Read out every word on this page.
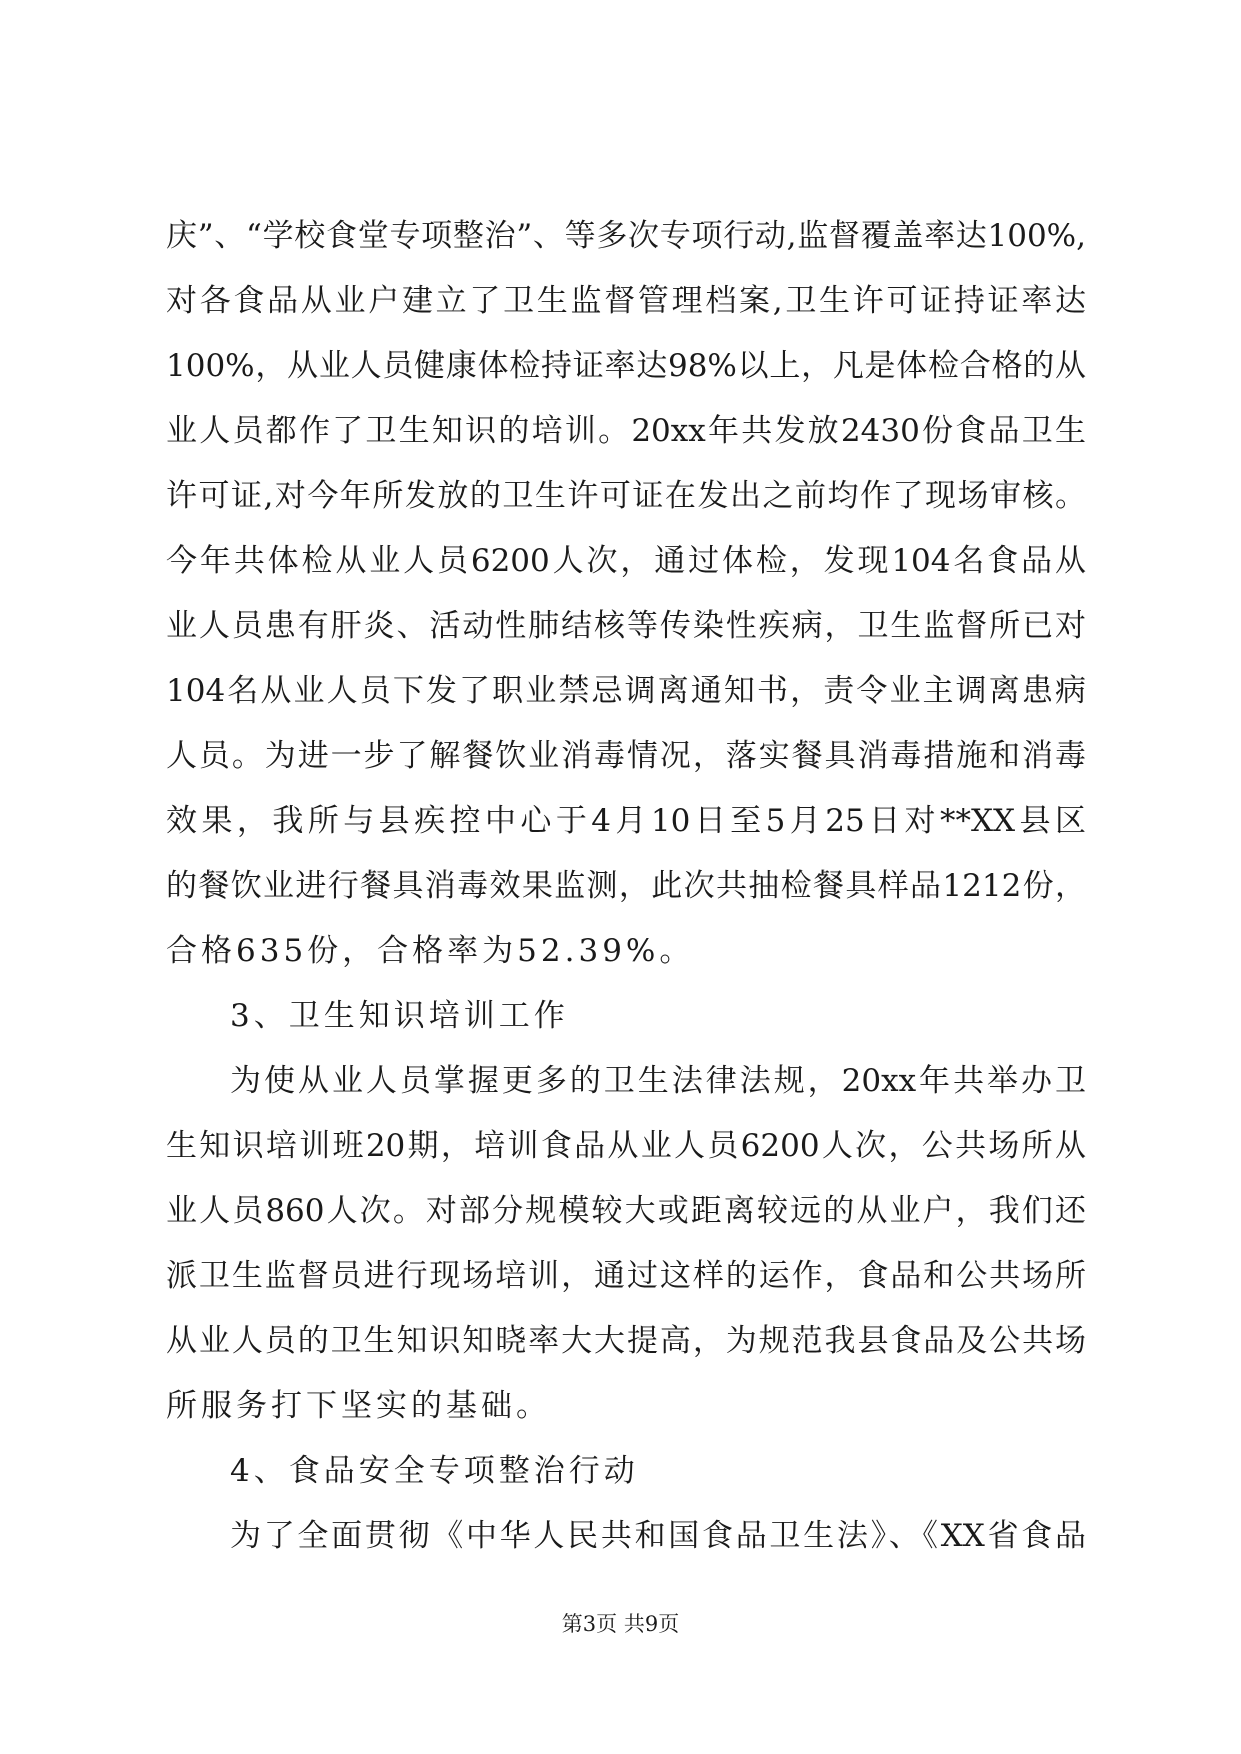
庆”、“学校食堂专项整治”、等多次专项行动,监督覆盖率达100%,
对各食品从业户建立了卫生监督管理档案,卫生许可证持证率达
100%，从业人员健康体检持证率达98%以上，凡是体检合格的从
业人员都作了卫生知识的培训。20xx年共发放2430份食品卫生
许可证,对今年所发放的卫生许可证在发出之前均作了现场审核。
今年共体检从业人员6200人次，通过体检，发现104名食品从
业人员患有肝炎、活动性肺结核等传染性疾病，卫生监督所已对
104名从业人员下发了职业禁忌调离通知书，责令业主调离患病
人员。为进一步了解餐饮业消毒情况，落实餐具消毒措施和消毒
效果，我所与县疾控中心于4月10日至5月25日对**XX县区
的餐饮业进行餐具消毒效果监测，此次共抽检餐具样品1212份，
合格635份，合格率为52.39%。
3、卫生知识培训工作
为使从业人员掌握更多的卫生法律法规，20xx年共举办卫
生知识培训班20期，培训食品从业人员6200人次，公共场所从
业人员860人次。对部分规模较大或距离较远的从业户，我们还
派卫生监督员进行现场培训，通过这样的运作，食品和公共场所
从业人员的卫生知识知晓率大大提高，为规范我县食品及公共场
所服务打下坚实的基础。
4、食品安全专项整治行动
为了全面贯彻《中华人民共和国食品卫生法》、《XX省食品
第3页 共9页
